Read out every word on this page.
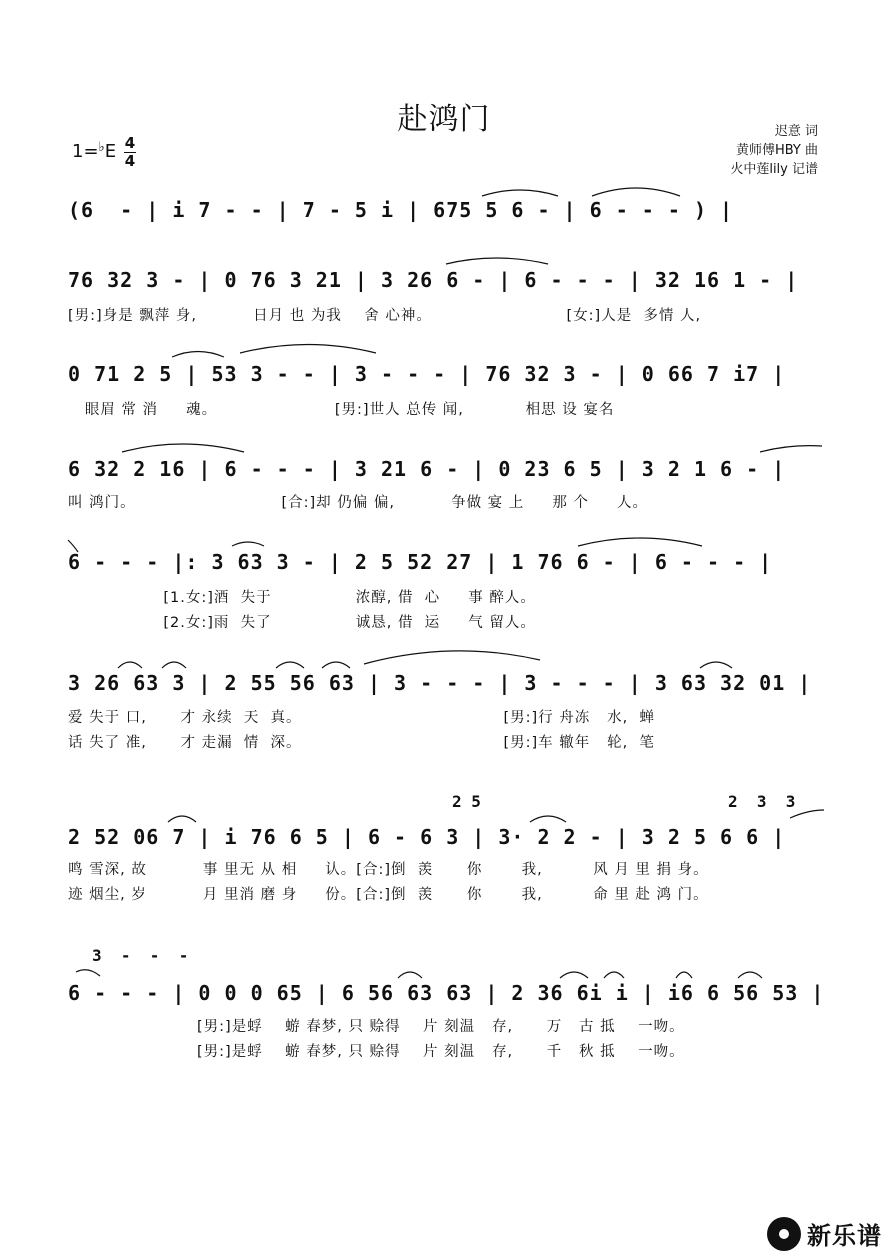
赴鸿门	迟意 词
黄师傅HBY 曲
火中莲lily 记谱
1=♭E 4
4
(6  - | i 7 - - | 7 - 5 i | 675 5 6 - | 6 - - - ) |
76 32 3 - | 0 76 3 21 | 3 26 6 - | 6 - - - | 32 16 1 - |
[男:]身是 飘萍 身,          日月 也 为我    舍 心神。                        [女:]人是  多情 人,
0 71 2 5 | 53 3 - - | 3 - - - | 76 32 3 - | 0 66 7 i7 |
眼眉 常 消     魂。                     [男:]世人 总传 闻,           相思 设 宴名
6 32 2 16 | 6 - - - | 3 21 6 - | 0 23 6 5 | 3 2 1 6 - |
叫 鸿门。                          [合:]却 仍偏 偏,          争做 宴 上     那 个     人。
6 - - - |: 3 63 3 - | 2 5 52 27 | 1 76 6 - | 6 - - - |
[1.女:]酒  失于               浓醇, 借  心     事 醉人。
[2.女:]雨  失了               诚恳, 借  运     气 留人。
3 26 63 3 | 2 55 56 63 | 3 - - - | 3 - - - | 3 63 32 01 |
爱 失于 口,      才 永续  天  真。                                    [男:]行 舟冻   水,  蝉
话 失了 准,      才 走漏  情  深。                                    [男:]车 辙年   轮,  笔
2 5	2  3  3
2 52 06 7 | i 76 6 5 | 6 - 6 3 | 3· 2 2 - | 3 2 5 6 6 |
鸣 雪深, 故          事 里无 从 相     认。[合:]倒  羡      你       我,         风 月 里 捐 身。
迹 烟尘, 岁          月 里消 磨 身     份。[合:]倒  羡      你       我,         命 里 赴 鸿 门。
3  -  -  -
6 - - - | 0 0 0 65 | 6 56 63 63 | 2 36 6i i | i6 6 56 53 |
[男:]是蜉    蝣 春梦, 只 赊得    片 刻温   存,      万   古 抵    一吻。
[男:]是蜉    蝣 春梦, 只 赊得    片 刻温   存,      千   秋 抵    一吻。
新乐谱
